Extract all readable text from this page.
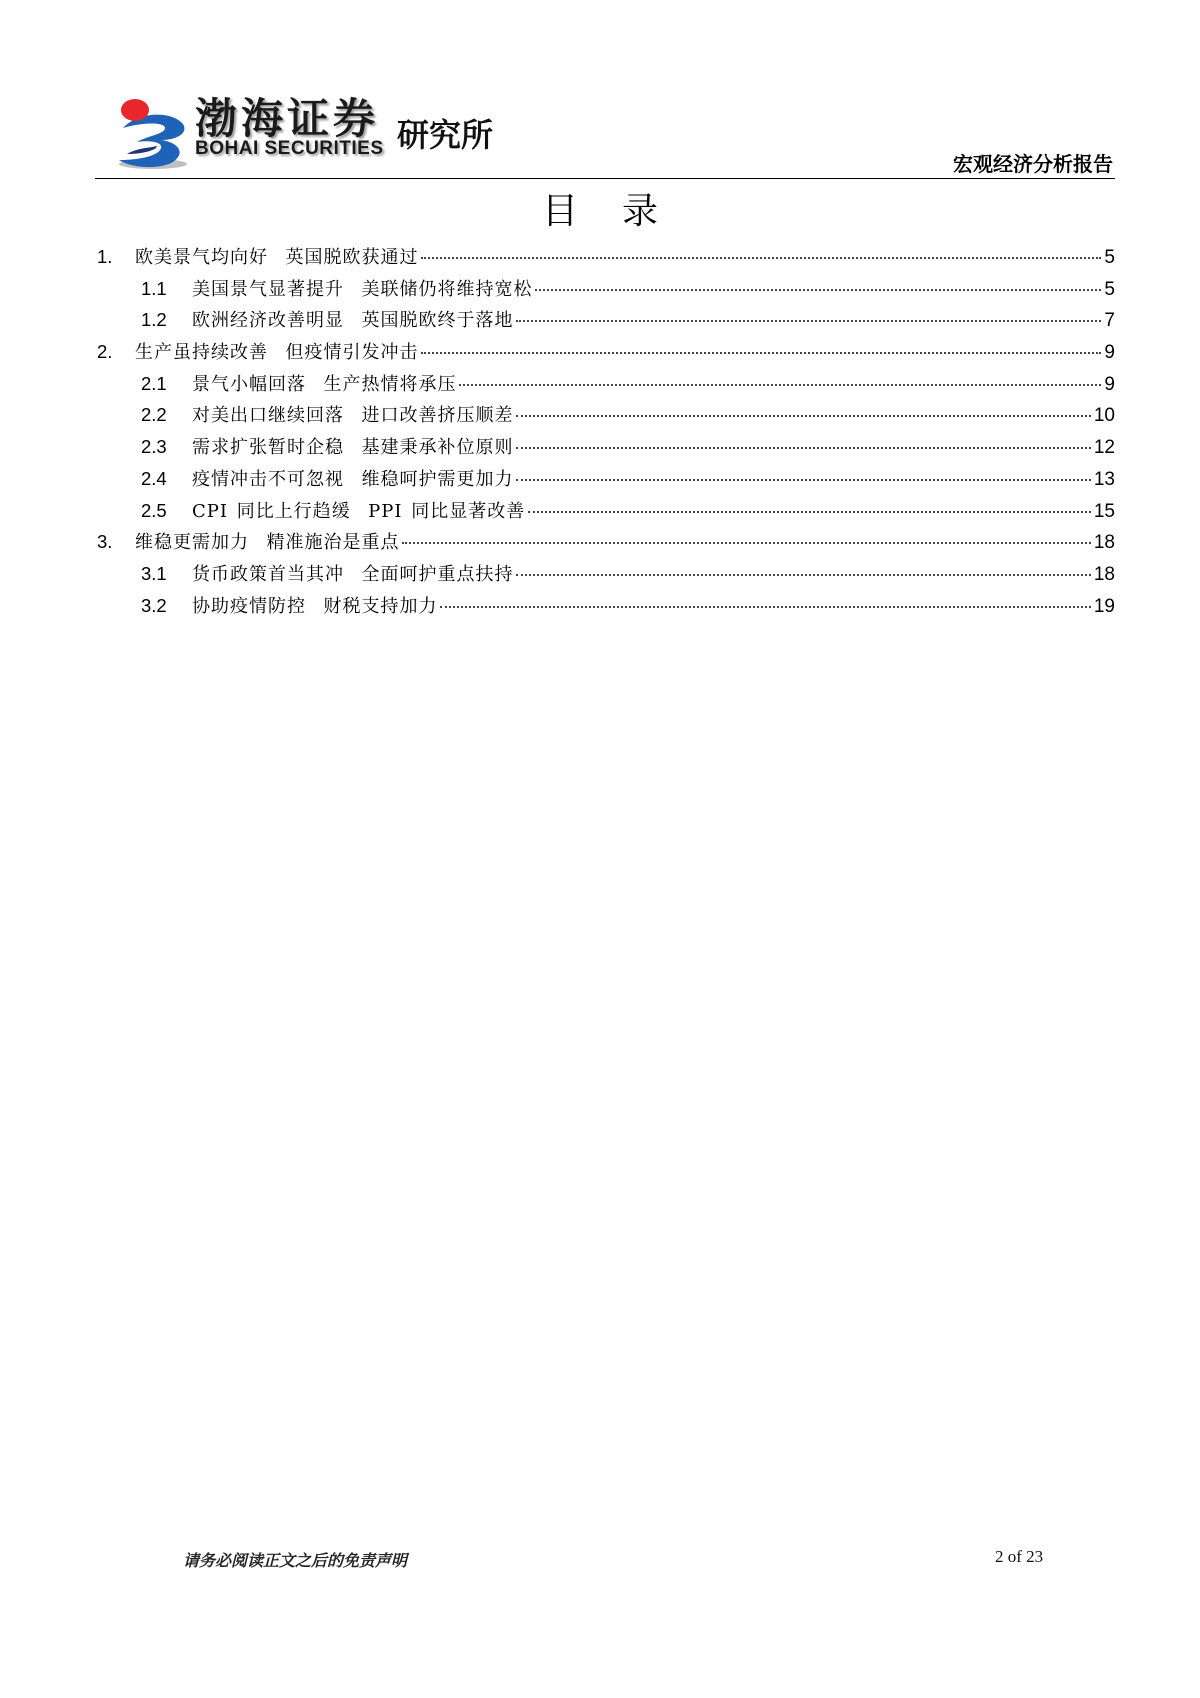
渤海证券
BOHAI SECURITIES 研究所
宏观经济分析报告
目录
1.	欧美景气均向好  英国脱欧获通过	5
1.1	美国景气显著提升  美联储仍将维持宽松	5
1.2	欧洲经济改善明显  英国脱欧终于落地	7
2.	生产虽持续改善  但疫情引发冲击	9
2.1	景气小幅回落  生产热情将承压	9
2.2	对美出口继续回落  进口改善挤压顺差	10
2.3	需求扩张暂时企稳  基建秉承补位原则	12
2.4	疫情冲击不可忽视  维稳呵护需更加力	13
2.5	CPI 同比上行趋缓  PPI 同比显著改善	15
3.	维稳更需加力  精准施治是重点	18
3.1	货币政策首当其冲  全面呵护重点扶持	18
3.2	协助疫情防控  财税支持加力	19
请务必阅读正文之后的免责声明	2 of 23
